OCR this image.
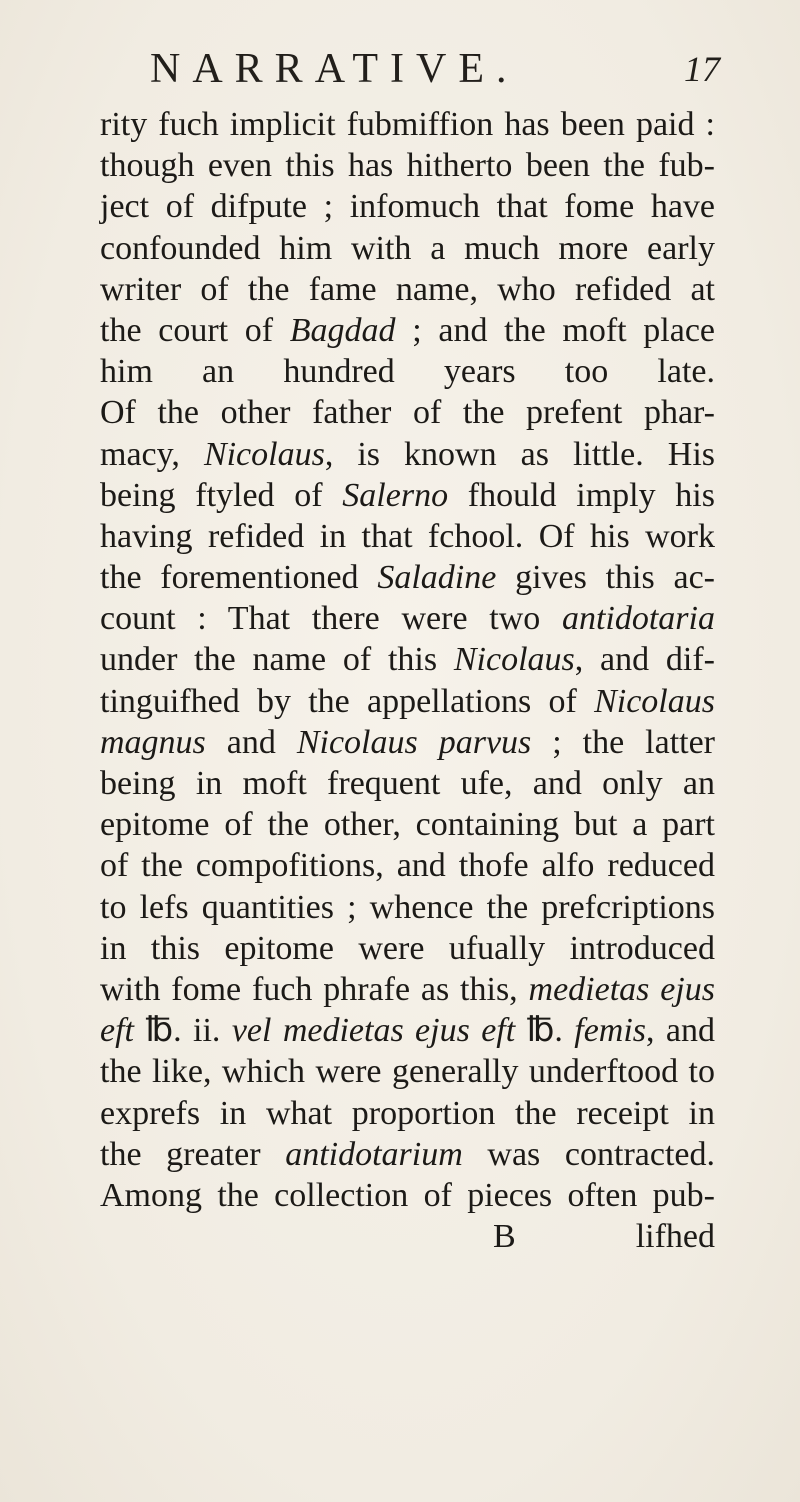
NARRATIVE.	17
rity fuch implicit fubmiffion has been paid :
though even this has hitherto been the fub-
ject of difpute ; infomuch that fome have
confounded him with a much more early
writer of the fame name, who refided at
the court of Bagdad ; and the moft place
him an hundred years too late.
Of the other father of the prefent phar-
macy, Nicolaus, is known as little. His
being ftyled of Salerno fhould imply his
having refided in that fchool. Of his work
the forementioned Saladine gives this ac-
count : That there were two antidotaria
under the name of this Nicolaus, and dif-
tinguifhed by the appellations of Nicolaus
magnus and Nicolaus parvus ; the latter
being in moft frequent ufe, and only an
epitome of the other, containing but a part
of the compofitions, and thofe alfo reduced
to lefs quantities ; whence the prefcriptions
in this epitome were ufually introduced
with fome fuch phrafe as this, medietas ejus
eft ℔. ii. vel medietas ejus eft ℔. femis, and
the like, which were generally underftood to
exprefs in what proportion the receipt in
the greater antidotarium was contracted.
Among the collection of pieces often pub-
B	lifhed
